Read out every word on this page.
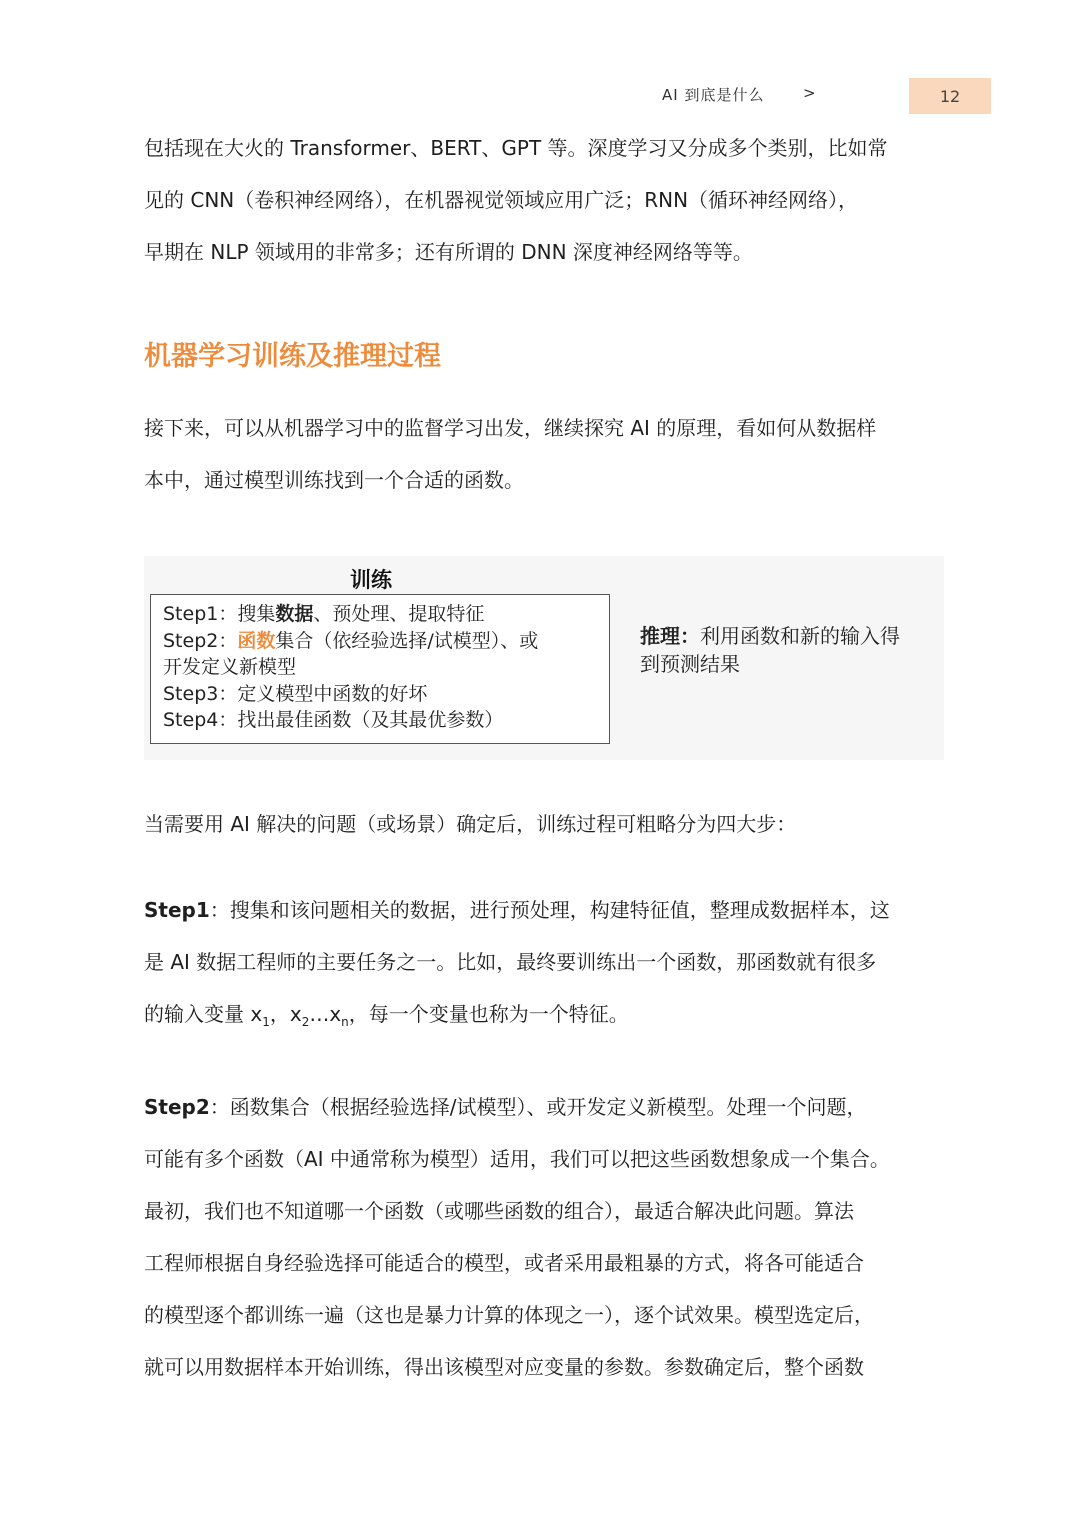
AI 到底是什么	>	12

包括现在大火的 Transformer、BERT、GPT 等。深度学习又分成多个类别，比如常
见的 CNN（卷积神经网络），在机器视觉领域应用广泛；RNN（循环神经网络），
早期在 NLP 领域用的非常多；还有所谓的 DNN 深度神经网络等等。

机器学习训练及推理过程

接下来，可以从机器学习中的监督学习出发，继续探究 AI 的原理，看如何从数据样
本中，通过模型训练找到一个合适的函数。

训练
Step1：搜集数据、预处理、提取特征
Step2：函数集合（依经验选择/试模型）、或
开发定义新模型
Step3：定义模型中函数的好坏
Step4：找出最佳函数（及其最优参数）
推理：利用函数和新的输入得
到预测结果

当需要用 AI 解决的问题（或场景）确定后，训练过程可粗略分为四大步：

Step1：搜集和该问题相关的数据，进行预处理，构建特征值，整理成数据样本，这
是 AI 数据工程师的主要任务之一。比如，最终要训练出一个函数，那函数就有很多
的输入变量 $x_1$，$x_2\dots x_n$，每一个变量也称为一个特征。

Step2：函数集合（根据经验选择/试模型）、或开发定义新模型。处理一个问题，
可能有多个函数（AI 中通常称为模型）适用，我们可以把这些函数想象成一个集合。
最初，我们也不知道哪一个函数（或哪些函数的组合），最适合解决此问题。算法
工程师根据自身经验选择可能适合的模型，或者采用最粗暴的方式，将各可能适合
的模型逐个都训练一遍（这也是暴力计算的体现之一），逐个试效果。模型选定后，
就可以用数据样本开始训练，得出该模型对应变量的参数。参数确定后，整个函数
